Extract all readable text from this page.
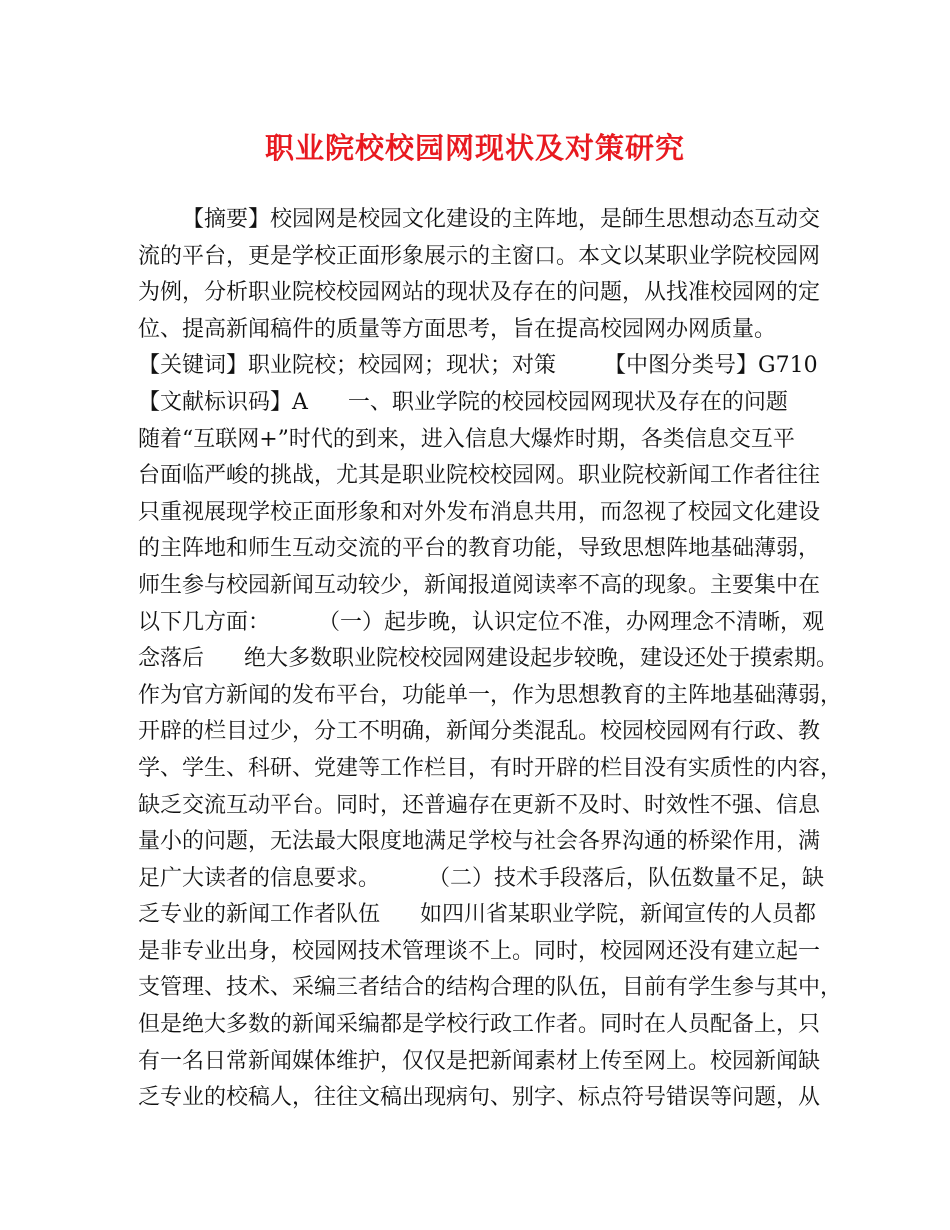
职业院校校园网现状及对策研究
【摘要】校园网是校园文化建设的主阵地，是師生思想动态互动交
流的平台，更是学校正面形象展示的主窗口。本文以某职业学院校园网
为例，分析职业院校校园网站的现状及存在的问题，从找准校园网的定
位、提高新闻稿件的质量等方面思考，旨在提高校园网办网质量。
【关键词】职业院校；校园网；现状；对策 【中图分类号】G710
【文献标识码】A 一、职业学院的校园校园网现状及存在的问题
随着“互联网+”时代的到来，进入信息大爆炸时期，各类信息交互平
台面临严峻的挑战，尤其是职业院校校园网。职业院校新闻工作者往往
只重视展现学校正面形象和对外发布消息共用，而忽视了校园文化建设
的主阵地和师生互动交流的平台的教育功能，导致思想阵地基础薄弱，
师生参与校园新闻互动较少，新闻报道阅读率不高的现象。主要集中在
以下几方面： （一）起步晚，认识定位不准，办网理念不清晰，观
念落后 绝大多数职业院校校园网建设起步较晚，建设还处于摸索期。
作为官方新闻的发布平台，功能单一，作为思想教育的主阵地基础薄弱，
开辟的栏目过少，分工不明确，新闻分类混乱。校园校园网有行政、教
学、学生、科研、党建等工作栏目，有时开辟的栏目没有实质性的内容，
缺乏交流互动平台。同时，还普遍存在更新不及时、时效性不强、信息
量小的问题，无法最大限度地满足学校与社会各界沟通的桥梁作用，满
足广大读者的信息要求。 （二）技术手段落后，队伍数量不足，缺
乏专业的新闻工作者队伍 如四川省某职业学院，新闻宣传的人员都
是非专业出身，校园网技术管理谈不上。同时，校园网还没有建立起一
支管理、技术、采编三者结合的结构合理的队伍，目前有学生参与其中，
但是绝大多数的新闻采编都是学校行政工作者。同时在人员配备上，只
有一名日常新闻媒体维护，仅仅是把新闻素材上传至网上。校园新闻缺
乏专业的校稿人，往往文稿出现病句、别字、标点符号错误等问题，从
